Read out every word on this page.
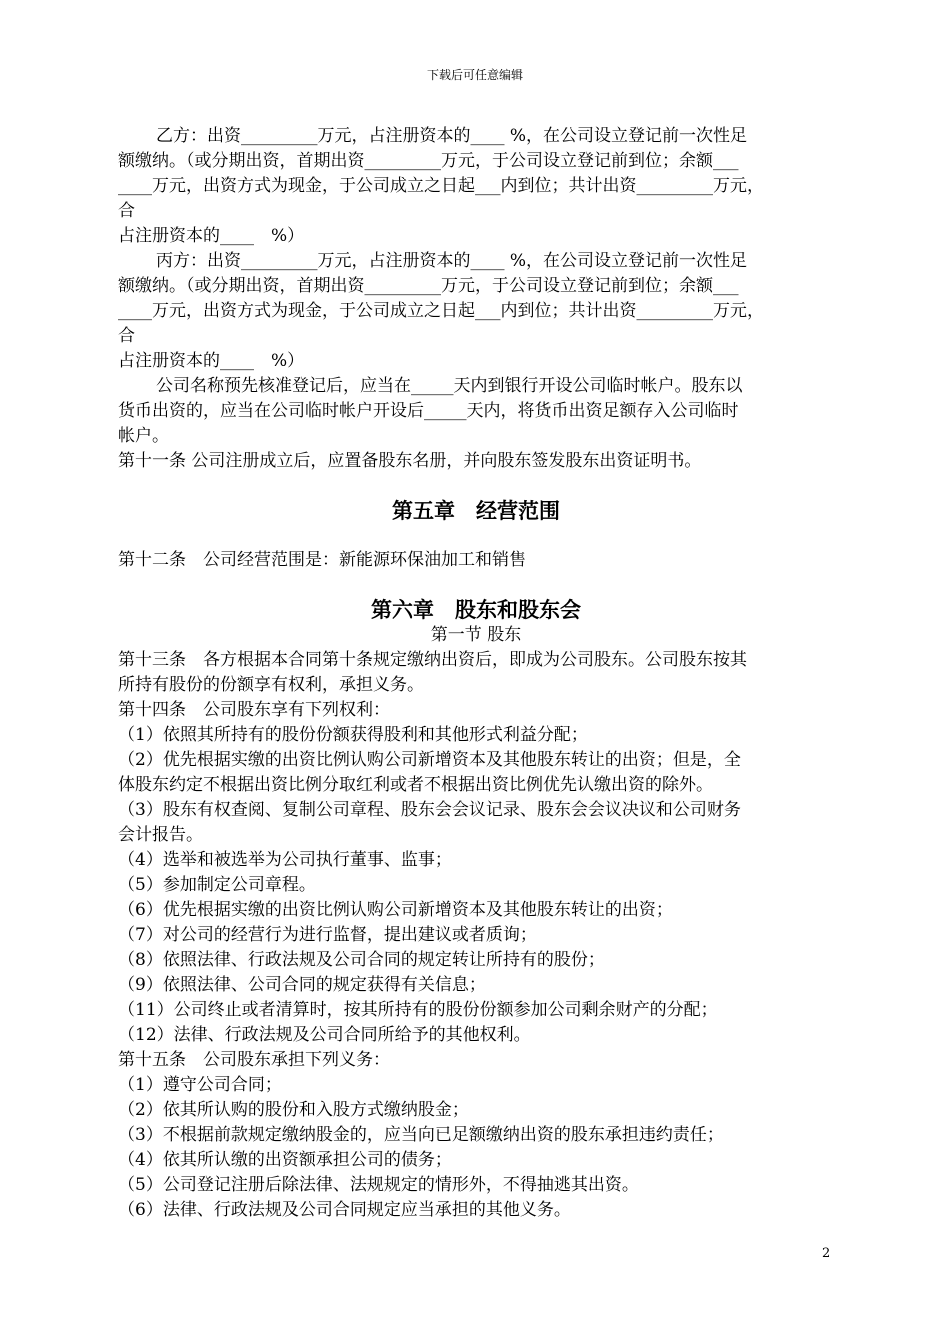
下载后可任意编辑

乙方：出资_________万元，占注册资本的____ %，在公司设立登记前一次性足

额缴纳。（或分期出资，首期出资_________万元，于公司设立登记前到位；余额___

____万元，出资方式为现金，于公司成立之日起___内到位；共计出资_________万元，

合

占注册资本的____　%）

丙方：出资_________万元，占注册资本的____ %，在公司设立登记前一次性足

额缴纳。（或分期出资，首期出资_________万元，于公司设立登记前到位；余额___

____万元，出资方式为现金，于公司成立之日起___内到位；共计出资_________万元，

合

占注册资本的____　%）

公司名称预先核准登记后，应当在_____天内到银行开设公司临时帐户。股东以

货币出资的，应当在公司临时帐户开设后_____天内，将货币出资足额存入公司临时

帐户。

第十一条 公司注册成立后，应置备股东名册，并向股东签发股东出资证明书。

第五章　经营范围

第十二条　公司经营范围是：新能源环保油加工和销售

第六章　股东和股东会

第一节 股东

第十三条　各方根据本合同第十条规定缴纳出资后，即成为公司股东。公司股东按其

所持有股份的份额享有权利，承担义务。

第十四条　公司股东享有下列权利：

（1）依照其所持有的股份份额获得股利和其他形式利益分配；

（2）优先根据实缴的出资比例认购公司新增资本及其他股东转让的出资；但是，全

体股东约定不根据出资比例分取红利或者不根据出资比例优先认缴出资的除外。

（3）股东有权查阅、复制公司章程、股东会会议记录、股东会会议决议和公司财务

会计报告。

（4）选举和被选举为公司执行董事、监事；

（5）参加制定公司章程。

（6）优先根据实缴的出资比例认购公司新增资本及其他股东转让的出资；

（7）对公司的经营行为进行监督，提出建议或者质询；

（8）依照法律、行政法规及公司合同的规定转让所持有的股份；

（9）依照法律、公司合同的规定获得有关信息；

（11）公司终止或者清算时，按其所持有的股份份额参加公司剩余财产的分配；

（12）法律、行政法规及公司合同所给予的其他权利。

第十五条　公司股东承担下列义务：

（1）遵守公司合同；

（2）依其所认购的股份和入股方式缴纳股金；

（3）不根据前款规定缴纳股金的，应当向已足额缴纳出资的股东承担违约责任；

（4）依其所认缴的出资额承担公司的债务；

（5）公司登记注册后除法律、法规规定的情形外，不得抽逃其出资。

（6）法律、行政法规及公司合同规定应当承担的其他义务。

2
